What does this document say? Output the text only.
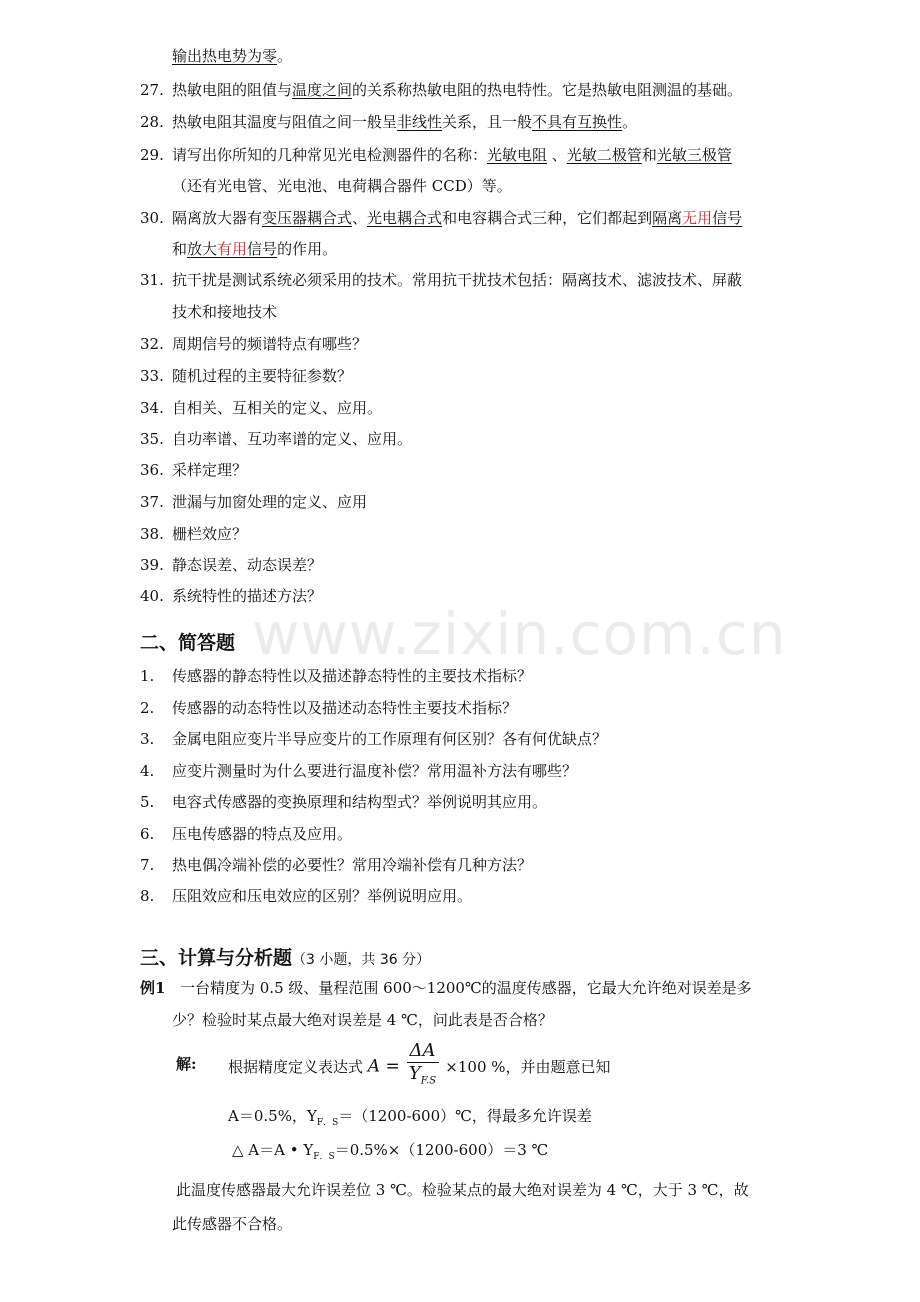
www.zixin.com.cn
输出热电势为零。
27. 热敏电阻的阻值与温度之间的关系称热敏电阻的热电特性。它是热敏电阻测温的基础。
28. 热敏电阻其温度与阻值之间一般呈非线性关系，且一般不具有互换性。
29. 请写出你所知的几种常见光电检测器件的名称：光敏电阻 、光敏二极管和光敏三极管
（还有光电管、光电池、电荷耦合器件 CCD）等。
30. 隔离放大器有变压器耦合式、光电耦合式和电容耦合式三种，它们都起到隔离无用信号
和放大有用信号的作用。
31. 抗干扰是测试系统必须采用的技术。常用抗干扰技术包括：隔离技术、滤波技术、屏蔽
技术和接地技术
32. 周期信号的频谱特点有哪些？
33. 随机过程的主要特征参数？
34. 自相关、互相关的定义、应用。
35. 自功率谱、互功率谱的定义、应用。
36. 采样定理？
37. 泄漏与加窗处理的定义、应用
38. 栅栏效应？
39. 静态误差、动态误差？
40. 系统特性的描述方法？
二、简答题
1. 传感器的静态特性以及描述静态特性的主要技术指标？
2. 传感器的动态特性以及描述动态特性主要技术指标？
3. 金属电阻应变片半导应变片的工作原理有何区别？各有何优缺点？
4. 应变片测量时为什么要进行温度补偿？常用温补方法有哪些？
5. 电容式传感器的变换原理和结构型式？举例说明其应用。
6. 压电传感器的特点及应用。
7. 热电偶冷端补偿的必要性？常用冷端补偿有几种方法？
8. 压阻效应和压电效应的区别？举例说明应用。
三、计算与分析题（3 小题，共 36 分）
例1 一台精度为 0.5 级、量程范围 600～1200℃的温度传感器，它最大允许绝对误差是多
少？检验时某点最大绝对误差是 4 ℃，问此表是否合格？
解: 根据精度定义表达式 $A = \frac{\Delta A}{Y_{F.S}} \times 100$ %，并由题意已知
A＝0.5%，$Y_{F.S}=(1200-600)℃$，得最多允许误差
△ A＝A • $Y_{F.S}=0.5\%\times(1200-600)=3$ ℃
此温度传感器最大允许误差位 3 ℃。检验某点的最大绝对误差为 4 ℃，大于 3 ℃，故
此传感器不合格。
